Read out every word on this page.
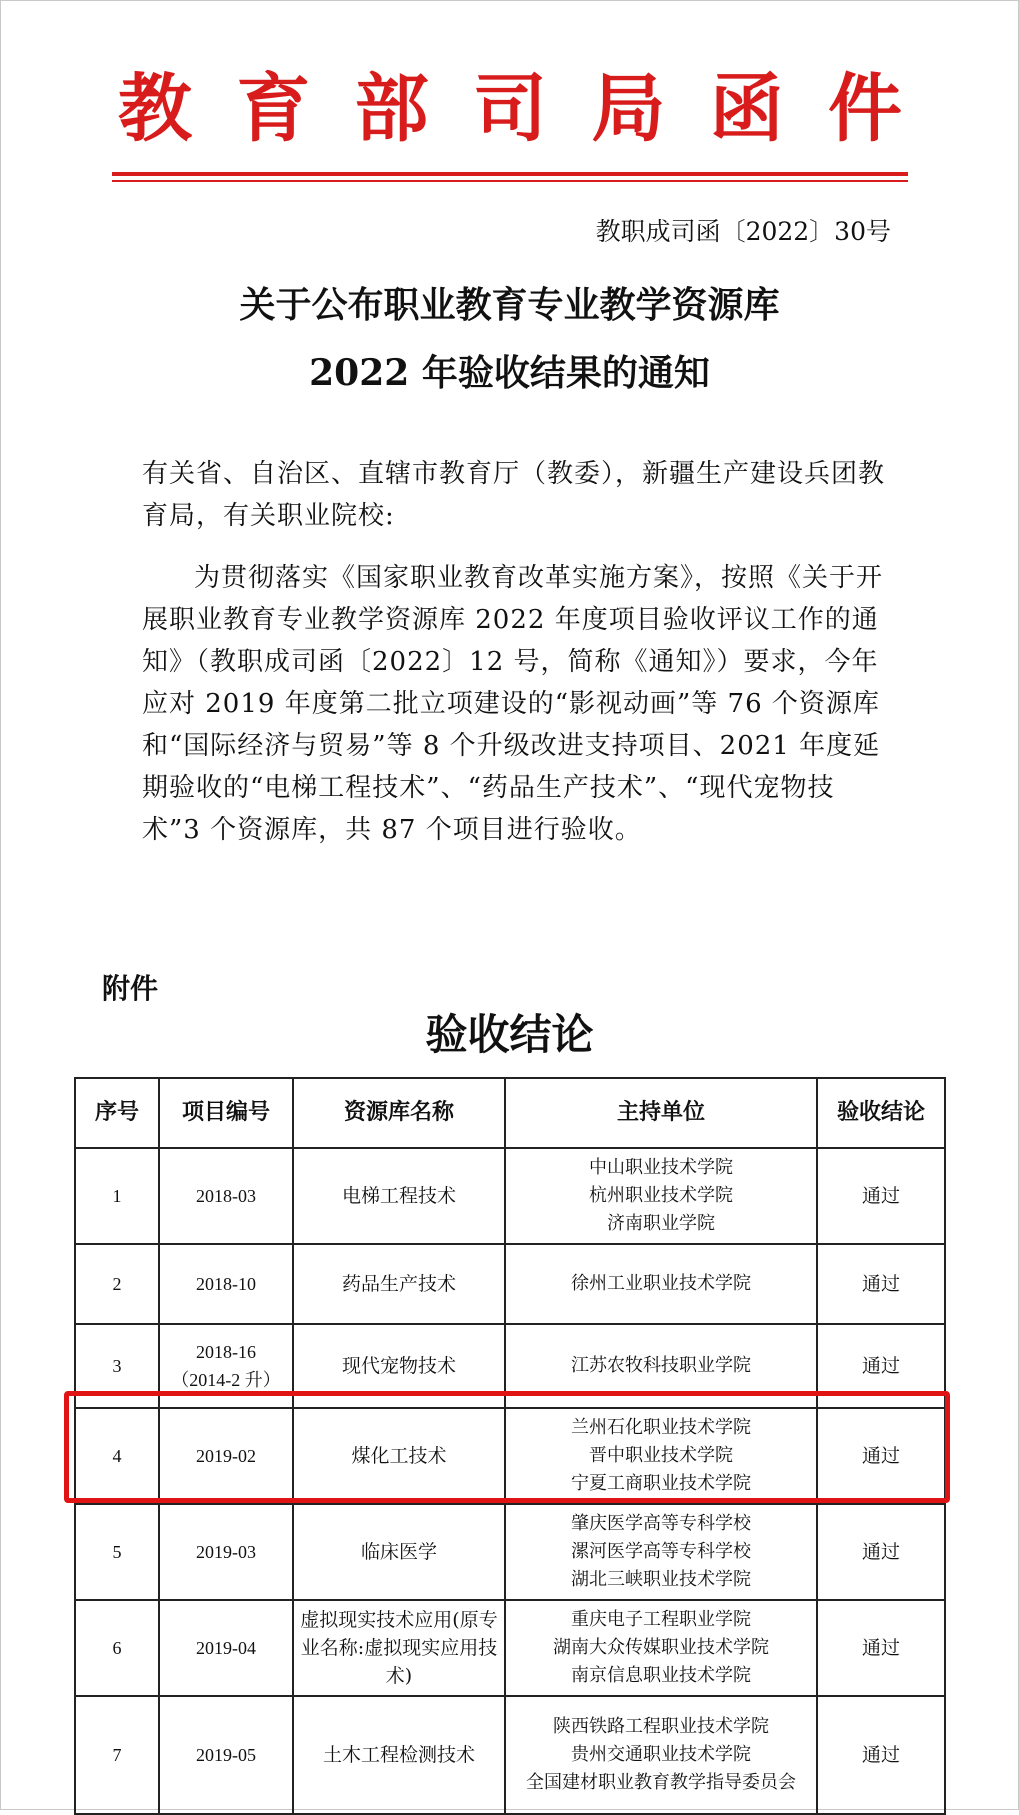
教 育 部 司 局 函 件
教职成司函〔2022〕30号
关于公布职业教育专业教学资源库
2022 年验收结果的通知
有关省、自治区、直辖市教育厅（教委），新疆生产建设兵团教育局，有关职业院校:
为贯彻落实《国家职业教育改革实施方案》，按照《关于开展职业教育专业教学资源库 2022 年度项目验收评议工作的通知》（教职成司函〔2022〕12 号，简称《通知》）要求，今年应对 2019 年度第二批立项建设的“影视动画”等 76 个资源库和“国际经济与贸易”等 8 个升级改进支持项目、2021 年度延期验收的“电梯工程技术”、“药品生产技术”、“现代宠物技术”3 个资源库，共 87 个项目进行验收。
附件
验收结论
序号	项目编号	资源库名称	主持单位	验收结论
1	2018-03	电梯工程技术	中山职业技术学院
杭州职业技术学院
济南职业学院	通过
2	2018-10	药品生产技术	徐州工业职业技术学院	通过
3	2018-16
（2014-2 升）	现代宠物技术	江苏农牧科技职业学院	通过
4	2019-02	煤化工技术	兰州石化职业技术学院
晋中职业技术学院
宁夏工商职业技术学院	通过
5	2019-03	临床医学	肇庆医学高等专科学校
漯河医学高等专科学校
湖北三峡职业技术学院	通过
6	2019-04	虚拟现实技术应用(原专业名称:虚拟现实应用技术)	重庆电子工程职业学院
湖南大众传媒职业技术学院
南京信息职业技术学院	通过
7	2019-05	土木工程检测技术	陕西铁路工程职业技术学院
贵州交通职业技术学院
全国建材职业教育教学指导委员会	通过
